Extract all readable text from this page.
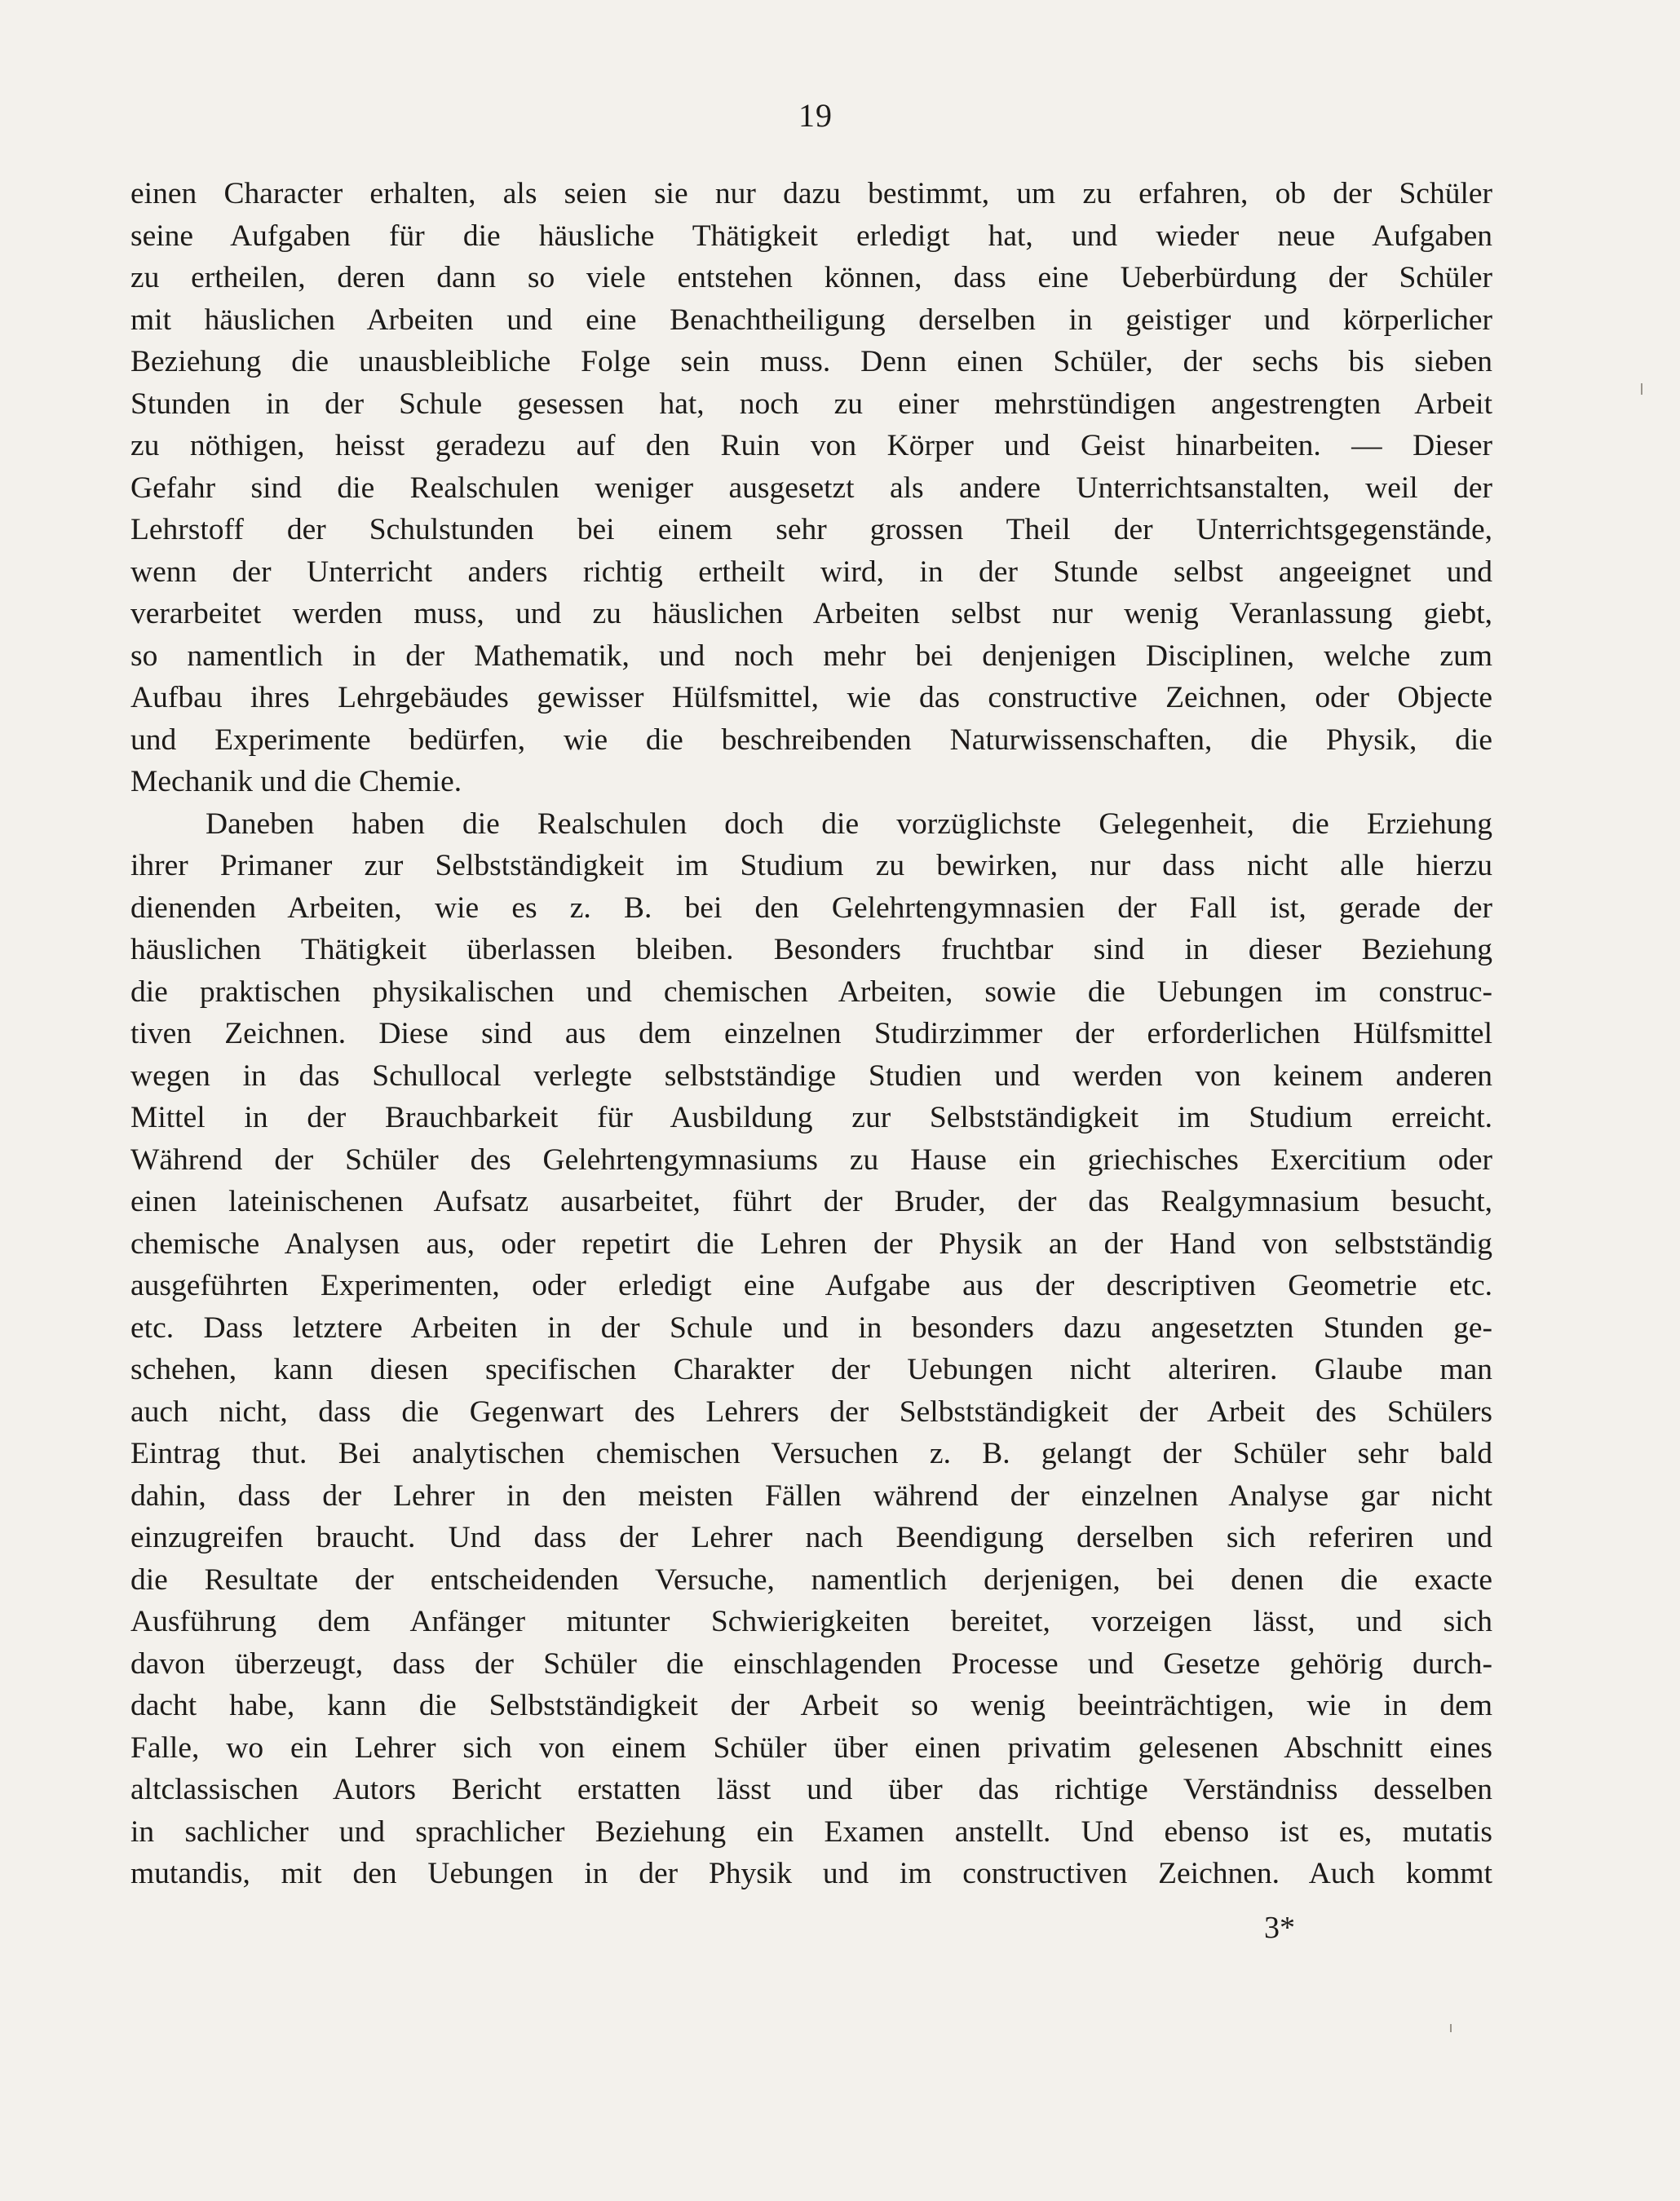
19
einen Character erhalten, als seien sie nur dazu bestimmt, um zu erfahren, ob der Schüler
seine Aufgaben für die häusliche Thätigkeit erledigt hat, und wieder neue Aufgaben
zu ertheilen, deren dann so viele entstehen können, dass eine Ueberbürdung der Schüler
mit häuslichen Arbeiten und eine Benachtheiligung derselben in geistiger und körperlicher
Beziehung die unausbleibliche Folge sein muss. Denn einen Schüler, der sechs bis sieben
Stunden in der Schule gesessen hat, noch zu einer mehrstündigen angestrengten Arbeit
zu nöthigen, heisst geradezu auf den Ruin von Körper und Geist hinarbeiten. — Dieser
Gefahr sind die Realschulen weniger ausgesetzt als andere Unterrichtsanstalten, weil der
Lehrstoff der Schulstunden bei einem sehr grossen Theil der Unterrichtsgegenstände,
wenn der Unterricht anders richtig ertheilt wird, in der Stunde selbst angeeignet und
verarbeitet werden muss, und zu häuslichen Arbeiten selbst nur wenig Veranlassung giebt,
so namentlich in der Mathematik, und noch mehr bei denjenigen Disciplinen, welche zum
Aufbau ihres Lehrgebäudes gewisser Hülfsmittel, wie das constructive Zeichnen, oder Objecte
und Experimente bedürfen, wie die beschreibenden Naturwissenschaften, die Physik, die
Mechanik und die Chemie.
Daneben haben die Realschulen doch die vorzüglichste Gelegenheit, die Erziehung
ihrer Primaner zur Selbstständigkeit im Studium zu bewirken, nur dass nicht alle hierzu
dienenden Arbeiten, wie es z. B. bei den Gelehrtengymnasien der Fall ist, gerade der
häuslichen Thätigkeit überlassen bleiben. Besonders fruchtbar sind in dieser Beziehung
die praktischen physikalischen und chemischen Arbeiten, sowie die Uebungen im construc-
tiven Zeichnen. Diese sind aus dem einzelnen Studirzimmer der erforderlichen Hülfsmittel
wegen in das Schullocal verlegte selbstständige Studien und werden von keinem anderen
Mittel in der Brauchbarkeit für Ausbildung zur Selbstständigkeit im Studium erreicht.
Während der Schüler des Gelehrtengymnasiums zu Hause ein griechisches Exercitium oder
einen lateinischenen Aufsatz ausarbeitet, führt der Bruder, der das Realgymnasium besucht,
chemische Analysen aus, oder repetirt die Lehren der Physik an der Hand von selbstständig
ausgeführten Experimenten, oder erledigt eine Aufgabe aus der descriptiven Geometrie etc.
etc. Dass letztere Arbeiten in der Schule und in besonders dazu angesetzten Stunden ge-
schehen, kann diesen specifischen Charakter der Uebungen nicht alteriren. Glaube man
auch nicht, dass die Gegenwart des Lehrers der Selbstständigkeit der Arbeit des Schülers
Eintrag thut. Bei analytischen chemischen Versuchen z. B. gelangt der Schüler sehr bald
dahin, dass der Lehrer in den meisten Fällen während der einzelnen Analyse gar nicht
einzugreifen braucht. Und dass der Lehrer nach Beendigung derselben sich referiren und
die Resultate der entscheidenden Versuche, namentlich derjenigen, bei denen die exacte
Ausführung dem Anfänger mitunter Schwierigkeiten bereitet, vorzeigen lässt, und sich
davon überzeugt, dass der Schüler die einschlagenden Processe und Gesetze gehörig durch-
dacht habe, kann die Selbstständigkeit der Arbeit so wenig beeinträchtigen, wie in dem
Falle, wo ein Lehrer sich von einem Schüler über einen privatim gelesenen Abschnitt eines
altclassischen Autors Bericht erstatten lässt und über das richtige Verständniss desselben
in sachlicher und sprachlicher Beziehung ein Examen anstellt. Und ebenso ist es, mutatis
mutandis, mit den Uebungen in der Physik und im constructiven Zeichnen. Auch kommt
3*
